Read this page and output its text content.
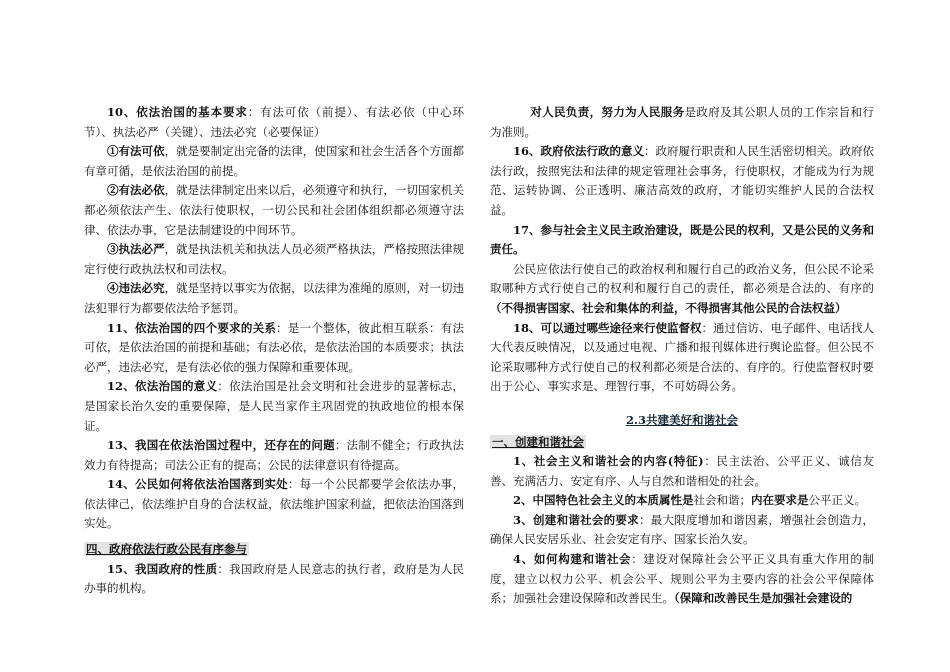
10、依法治国的基本要求：有法可依（前提）、有法必依（中心环节）、执法必严（关键）、违法必究（必要保证）

①有法可依，就是要制定出完备的法律，使国家和社会生活各个方面都有章可循，是依法治国的前提。

②有法必依，就是法律制定出来以后，必须遵守和执行，一切国家机关都必须依法产生、依法行使职权，一切公民和社会团体组织都必须遵守法律、依法办事，它是法制建设的中间环节。

③执法必严，就是执法机关和执法人员必须严格执法，严格按照法律规定行使行政执法权和司法权。

④违法必究，就是坚持以事实为依据，以法律为准绳的原则，对一切违法犯罪行为都要依法给予惩罚。

11、依法治国的四个要求的关系：是一个整体，彼此相互联系：有法可依，是依法治国的前提和基础；有法必依，是依法治国的本质要求；执法必严，违法必究，是有法必依的强力保障和重要体现。

12、依法治国的意义：依法治国是社会文明和社会进步的显著标志，是国家长治久安的重要保障，是人民当家作主巩固党的执政地位的根本保证。

13、我国在依法治国过程中，还存在的问题：法制不健全；行政执法效力有待提高；司法公正有的提高；公民的法律意识有待提高。

14、公民如何将依法治国落到实处：每一个公民都要学会依法办事，依法律己，依法维护自身的合法权益，依法维护国家利益，把依法治国落到实处。

四、政府依法行政公民有序参与

15、我国政府的性质：我国政府是人民意志的执行者，政府是为人民办事的机构。

对人民负责，努力为人民服务是政府及其公职人员的工作宗旨和行为准则。

16、政府依法行政的意义：政府履行职责和人民生活密切相关。政府依法行政，按照宪法和法律的规定管理社会事务，行使职权，才能成为行为规范、运转协调、公正透明、廉洁高效的政府，才能切实维护人民的合法权益。

17、参与社会主义民主政治建设，既是公民的权利，又是公民的义务和责任。

公民应依法行使自己的政治权利和履行自己的政治义务，但公民不论采取哪种方式行使自己的权利和履行自己的责任，都必须是合法的、有序的（不得损害国家、社会和集体的利益，不得损害其他公民的合法权益）

18、可以通过哪些途径来行使监督权：通过信访、电子邮件、电话找人大代表反映情况，以及通过电视、广播和报刊媒体进行舆论监督。但公民不论采取哪种方式行使自己的权利都必须是合法的、有序的。行使监督权时要出于公心、事实求是、理智行事，不可妨碍公务。

2.3共建美好和谐社会

一、创建和谐社会

1、社会主义和谐社会的内容(特征)：民主法治、公平正义、诚信友善、充满活力、安定有序、人与自然和谐相处的社会。

2、中国特色社会主义的本质属性是社会和谐；内在要求是公平正义。

3、创建和谐社会的要求：最大限度增加和谐因素，增强社会创造力，确保人民安居乐业、社会安定有序、国家长治久安。

4、如何构建和谐社会：建设对保障社会公平正义具有重大作用的制度，建立以权力公平、机会公平、规则公平为主要内容的社会公平保障体系；加强社会建设保障和改善民生。（保障和改善民生是加强社会建设的
